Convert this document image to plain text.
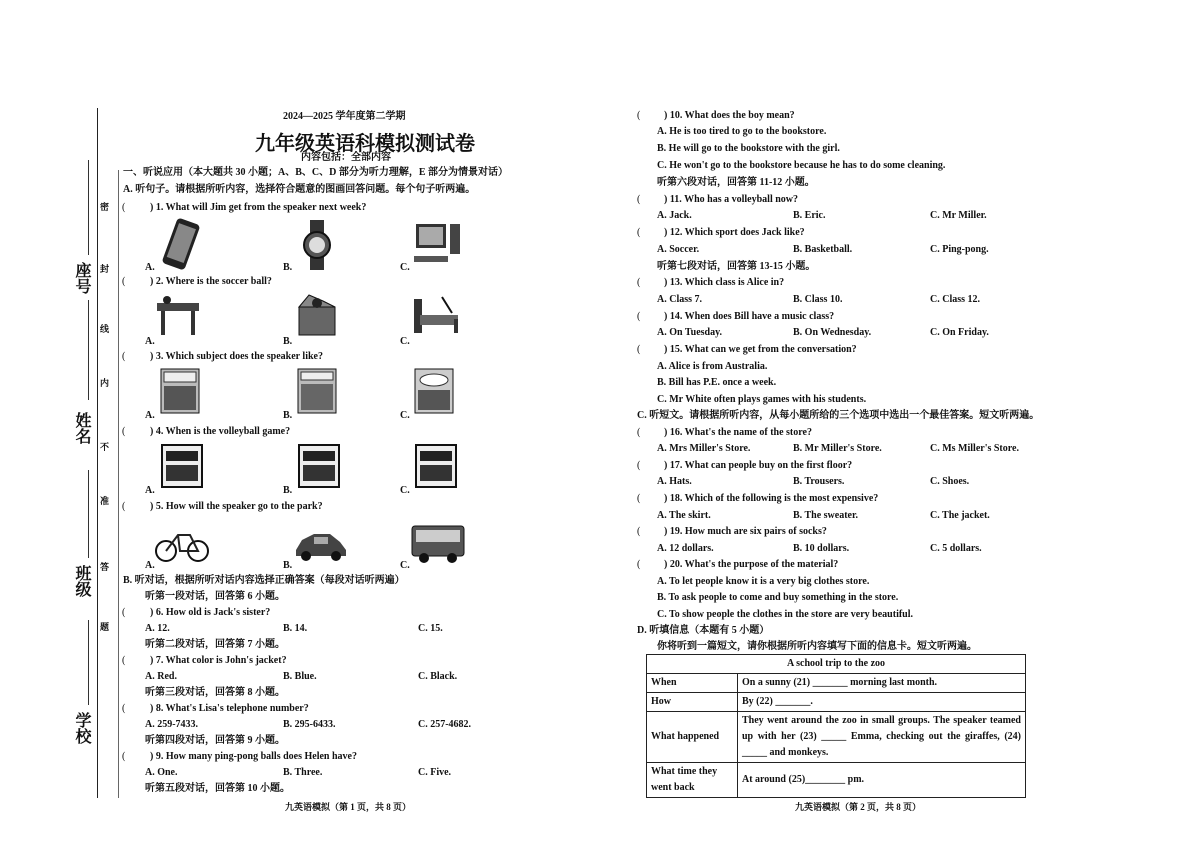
座号
姓名
班级
学校
密
封
线
内
不
准
答
题
2024—2025 学年度第二学期
九年级英语科模拟测试卷
内容包括：全部内容
一、听说应用（本大题共 30 小题；A、B、C、D 部分为听力理解，E 部分为情景对话）
A. 听句子。请根据所听内容，选择符合题意的图画回答问题。每个句子听两遍。
( ) 1. What will Jim get from the speaker next week?
A.	B.	C.
( ) 2. Where is the soccer ball?
A.	B.	C.
( ) 3. Which subject does the speaker like?
A.	B.	C.
( ) 4. When is the volleyball game?
A.	B.	C.
( ) 5. How will the speaker go to the park?
A.	B.	C.
B. 听对话，根据所听对话内容选择正确答案（每段对话听两遍）
听第一段对话，回答第 6 小题。
( ) 6. How old is Jack's sister?
A. 12.	B. 14.	C. 15.
听第二段对话，回答第 7 小题。
( ) 7. What color is John's jacket?
A. Red.	B. Blue.	C. Black.
听第三段对话，回答第 8 小题。
( ) 8. What's Lisa's telephone number?
A. 259-7433.	B. 295-6433.	C. 257-4682.
听第四段对话，回答第 9 小题。
( ) 9. How many ping-pong balls does Helen have?
A. One.	B. Three.	C. Five.
听第五段对话，回答第 10 小题。
九英语模拟（第 1 页，共 8 页）
( ) 10. What does the boy mean?
A. He is too tired to go to the bookstore.
B. He will go to the bookstore with the girl.
C. He won't go to the bookstore because he has to do some cleaning.
听第六段对话，回答第 11-12 小题。
( ) 11. Who has a volleyball now?
A. Jack.	B. Eric.	C. Mr Miller.
( ) 12. Which sport does Jack like?
A. Soccer.	B. Basketball.	C. Ping-pong.
听第七段对话，回答第 13-15 小题。
( ) 13. Which class is Alice in?
A. Class 7.	B. Class 10.	C. Class 12.
( ) 14. When does Bill have a music class?
A. On Tuesday.	B. On Wednesday.	C. On Friday.
( ) 15. What can we get from the conversation?
A. Alice is from Australia.
B. Bill has P.E. once a week.
C. Mr White often plays games with his students.
C. 听短文。请根据所听内容，从每小题所给的三个选项中选出一个最佳答案。短文听两遍。
( ) 16. What's the name of the store?
A. Mrs Miller's Store.	B. Mr Miller's Store.	C. Ms Miller's Store.
( ) 17. What can people buy on the first floor?
A. Hats.	B. Trousers.	C. Shoes.
( ) 18. Which of the following is the most expensive?
A. The skirt.	B. The sweater.	C. The jacket.
( ) 19. How much are six pairs of socks?
A. 12 dollars.	B. 10 dollars.	C. 5 dollars.
( ) 20. What's the purpose of the material?
A. To let people know it is a very big clothes store.
B. To ask people to come and buy something in the store.
C. To show people the clothes in the store are very beautiful.
D. 听填信息（本题有 5 小题）
你将听到一篇短文，请你根据所听内容填写下面的信息卡。短文听两遍。
A school trip to the zoo	
When	On a sunny (21) _______ morning last month.
How	By (22) _______.
What happened	They went around the zoo in small groups. The speaker teamed up with her (23) _____ Emma, checking out the giraffes, (24) _____ and monkeys.
What time they went back	At around (25)________ pm.
九英语模拟（第 2 页，共 8 页）
